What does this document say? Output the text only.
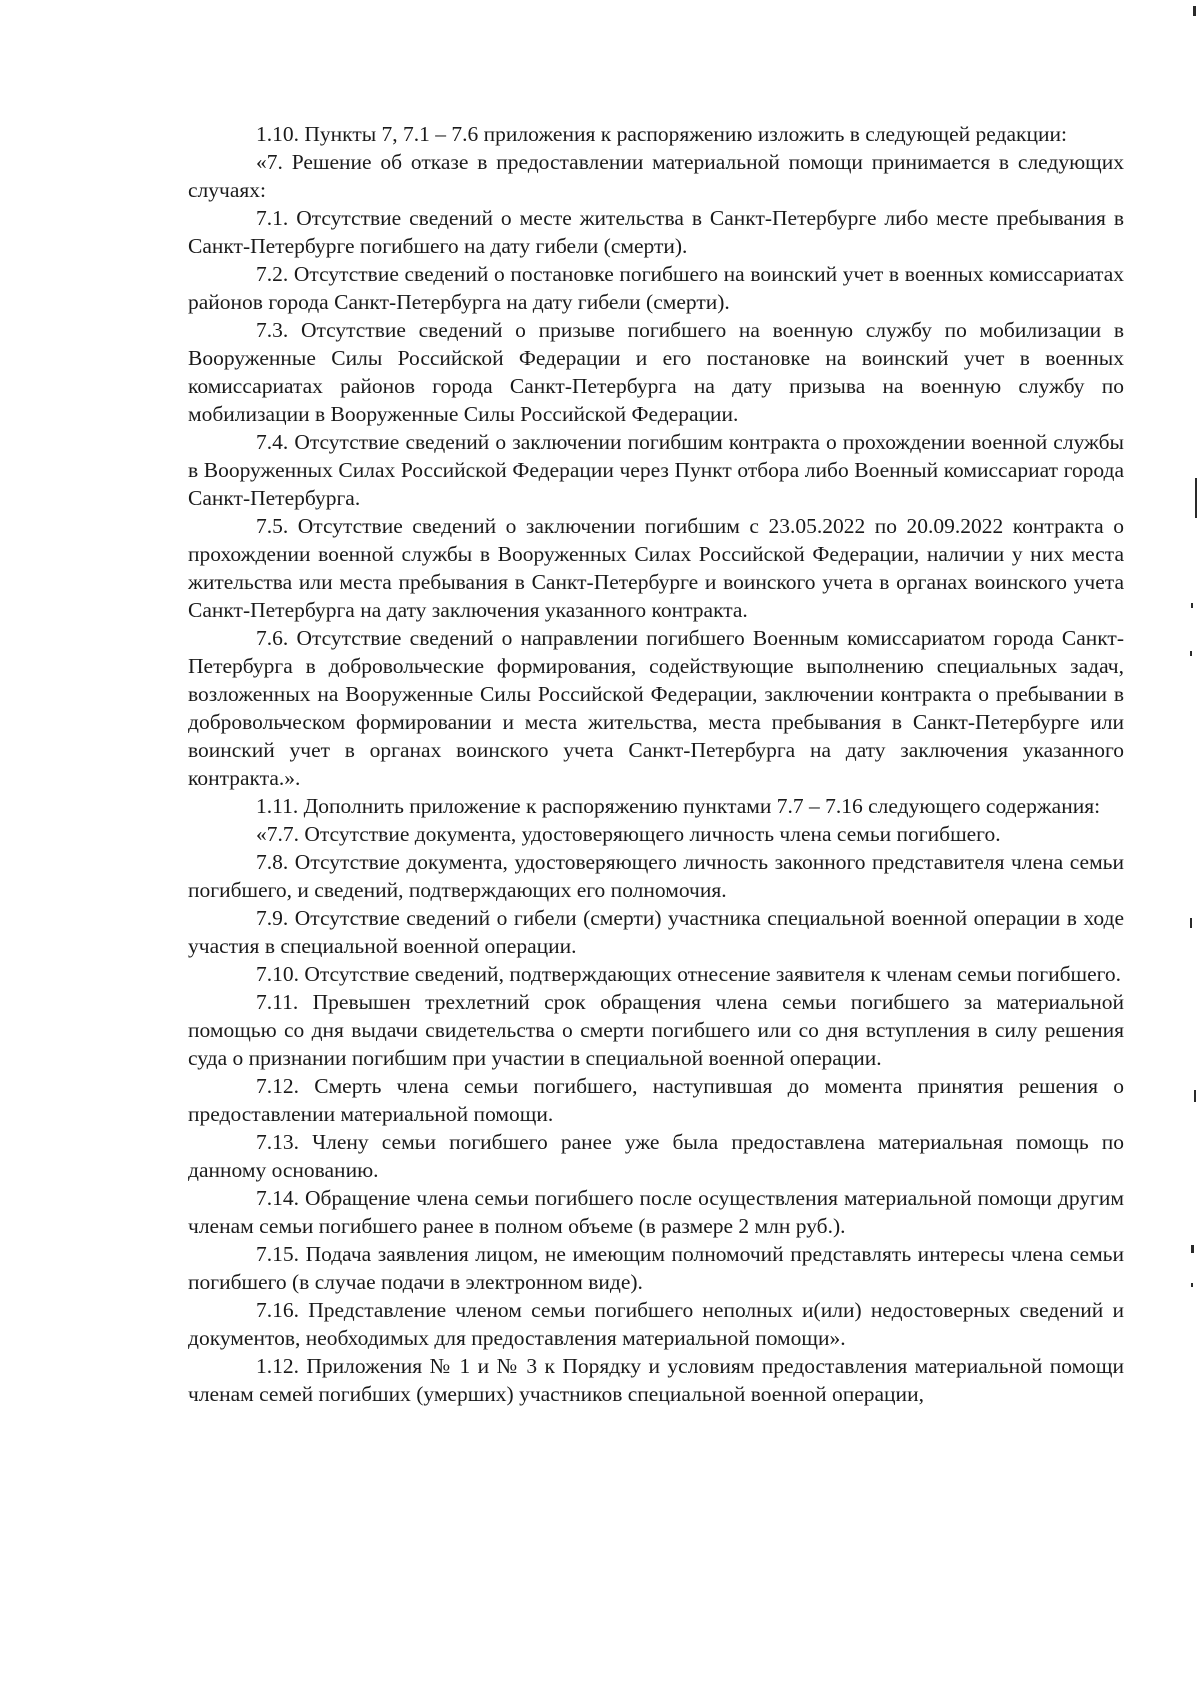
1.10. Пункты 7, 7.1 – 7.6 приложения к распоряжению изложить в следующей редакции:

«7. Решение об отказе в предоставлении материальной помощи принимается в следующих случаях:

7.1. Отсутствие сведений о месте жительства в Санкт-Петербурге либо месте пребывания в Санкт-Петербурге погибшего на дату гибели (смерти).

7.2. Отсутствие сведений о постановке погибшего на воинский учет в военных комиссариатах районов города Санкт-Петербурга на дату гибели (смерти).

7.3. Отсутствие сведений о призыве погибшего на военную службу по мобилизации в Вооруженные Силы Российской Федерации и его постановке на воинский учет в военных комиссариатах районов города Санкт-Петербурга на дату призыва на военную службу по мобилизации в Вооруженные Силы Российской Федерации.

7.4. Отсутствие сведений о заключении погибшим контракта о прохождении военной службы в Вооруженных Силах Российской Федерации через Пункт отбора либо Военный комиссариат города Санкт-Петербурга.

7.5. Отсутствие сведений о заключении погибшим с 23.05.2022 по 20.09.2022 контракта о прохождении военной службы в Вооруженных Силах Российской Федерации, наличии у них места жительства или места пребывания в Санкт-Петербурге и воинского учета в органах воинского учета Санкт-Петербурга на дату заключения указанного контракта.

7.6. Отсутствие сведений о направлении погибшего Военным комиссариатом города Санкт-Петербурга в добровольческие формирования, содействующие выполнению специальных задач, возложенных на Вооруженные Силы Российской Федерации, заключении контракта о пребывании в добровольческом формировании и места жительства, места пребывания в Санкт-Петербурге или воинский учет в органах воинского учета Санкт-Петербурга на дату заключения указанного контракта.».

1.11. Дополнить приложение к распоряжению пунктами 7.7 – 7.16 следующего содержания:

«7.7. Отсутствие документа, удостоверяющего личность члена семьи погибшего.

7.8. Отсутствие документа, удостоверяющего личность законного представителя члена семьи погибшего, и сведений, подтверждающих его полномочия.

7.9. Отсутствие сведений о гибели (смерти) участника специальной военной операции в ходе участия в специальной военной операции.

7.10. Отсутствие сведений, подтверждающих отнесение заявителя к членам семьи погибшего.

7.11. Превышен трехлетний срок обращения члена семьи погибшего за материальной помощью со дня выдачи свидетельства о смерти погибшего или со дня вступления в силу решения суда о признании погибшим при участии в специальной военной операции.

7.12. Смерть члена семьи погибшего, наступившая до момента принятия решения о предоставлении материальной помощи.

7.13. Члену семьи погибшего ранее уже была предоставлена материальная помощь по данному основанию.

7.14. Обращение члена семьи погибшего после осуществления материальной помощи другим членам семьи погибшего ранее в полном объеме (в размере 2 млн руб.).

7.15. Подача заявления лицом, не имеющим полномочий представлять интересы члена семьи погибшего (в случае подачи в электронном виде).

7.16. Представление членом семьи погибшего неполных и(или) недостоверных сведений и документов, необходимых для предоставления материальной помощи».

1.12. Приложения № 1 и № 3 к Порядку и условиям предоставления материальной помощи членам семей погибших (умерших) участников специальной военной операции,
